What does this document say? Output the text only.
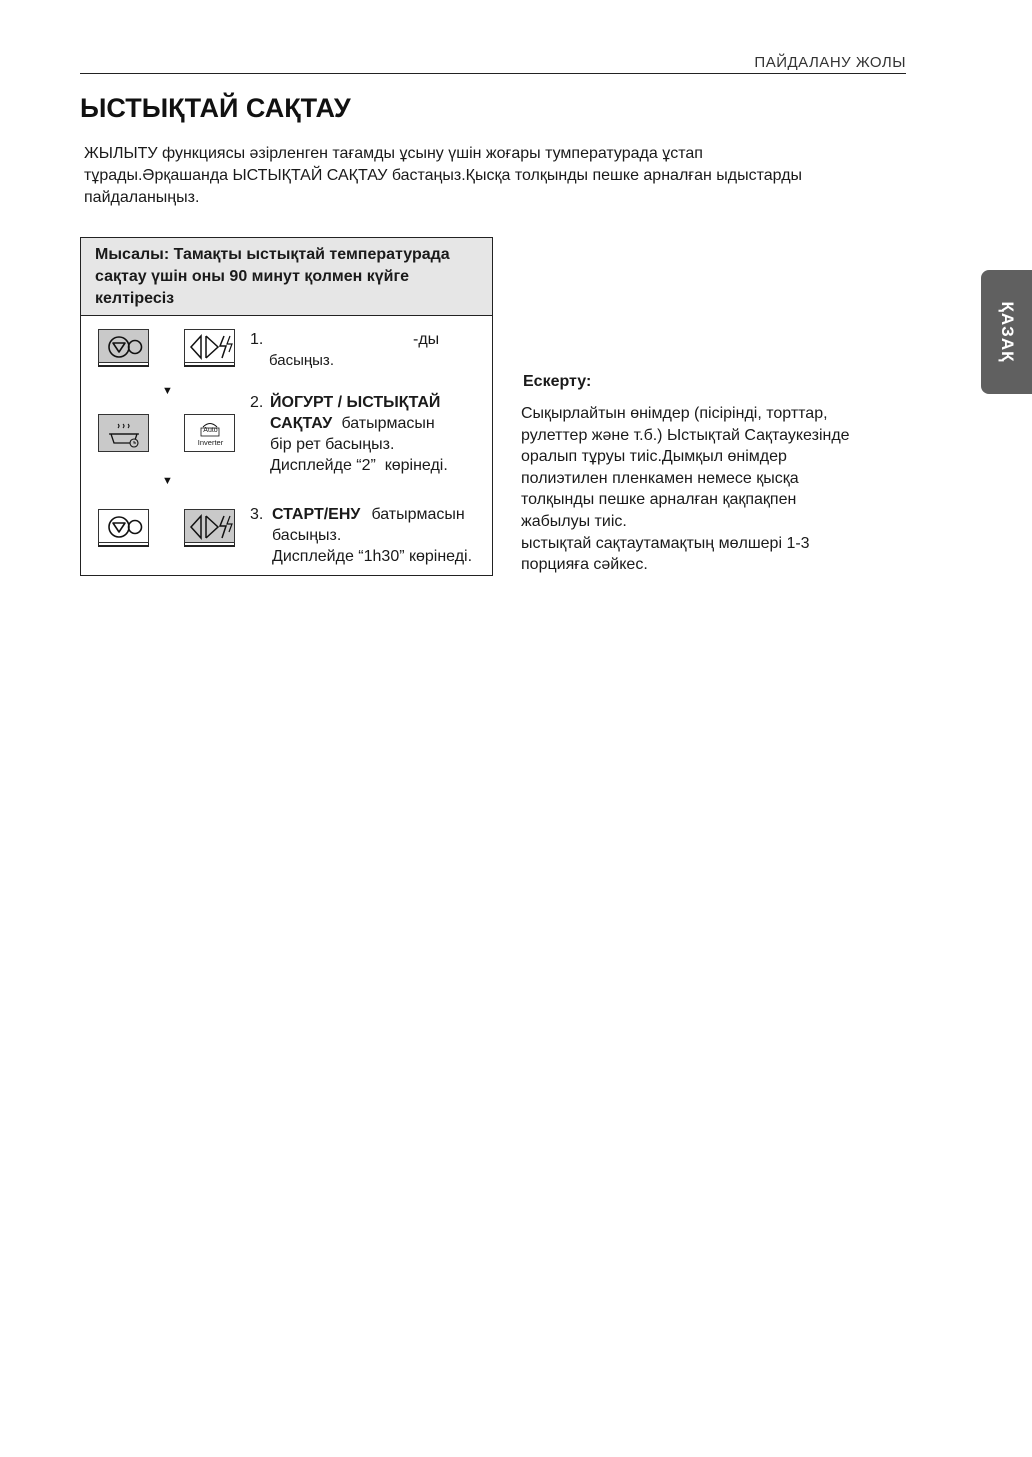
ПАЙДАЛАНУ ЖОЛЫ
ЫСТЫҚТАЙ САҚТАУ
ЖЫЛЫТУ функциясы әзірленген тағамды ұсыну үшін жоғары тумпературада ұстап
тұрады.Әрқашанда ЫСТЫҚТАЙ САҚТАУ бастаңыз.Қысқа толқынды пешке арналған ыдыстарды
пайдаланыңыз.
ҚАЗАҚ
Мысалы: Тамақты ыстықтай температурада
сақтау үшін оны 90 минут қолмен күйге
келтіресіз
▼
Auto
Inverter
▼
1.	-ды
басыңыз.
2. ЙОГУРТ / ЫСТЫҚТАЙ
САҚТАУ батырмасын
бір рет басыңыз.
Дисплейде “2”  көрінеді.
3. СТАРТ/ЕНУ батырмасын
басыңыз.
Дисплейде “1h30” көрінеді.
Ескерту:
Сықырлайтын өнімдер (пісірінді, торттар,
рулеттер және т.б.) Ыстықтай Сақтаукезінде
оралып тұруы тиіс.Дымқыл өнімдер
полиэтилен пленкамен немесе қысқа
толқынды пешке арналған қақпақпен
жабылуы тиіс.
ыстықтай сақтаутамақтың мөлшері 1-3
порцияға сәйкес.
